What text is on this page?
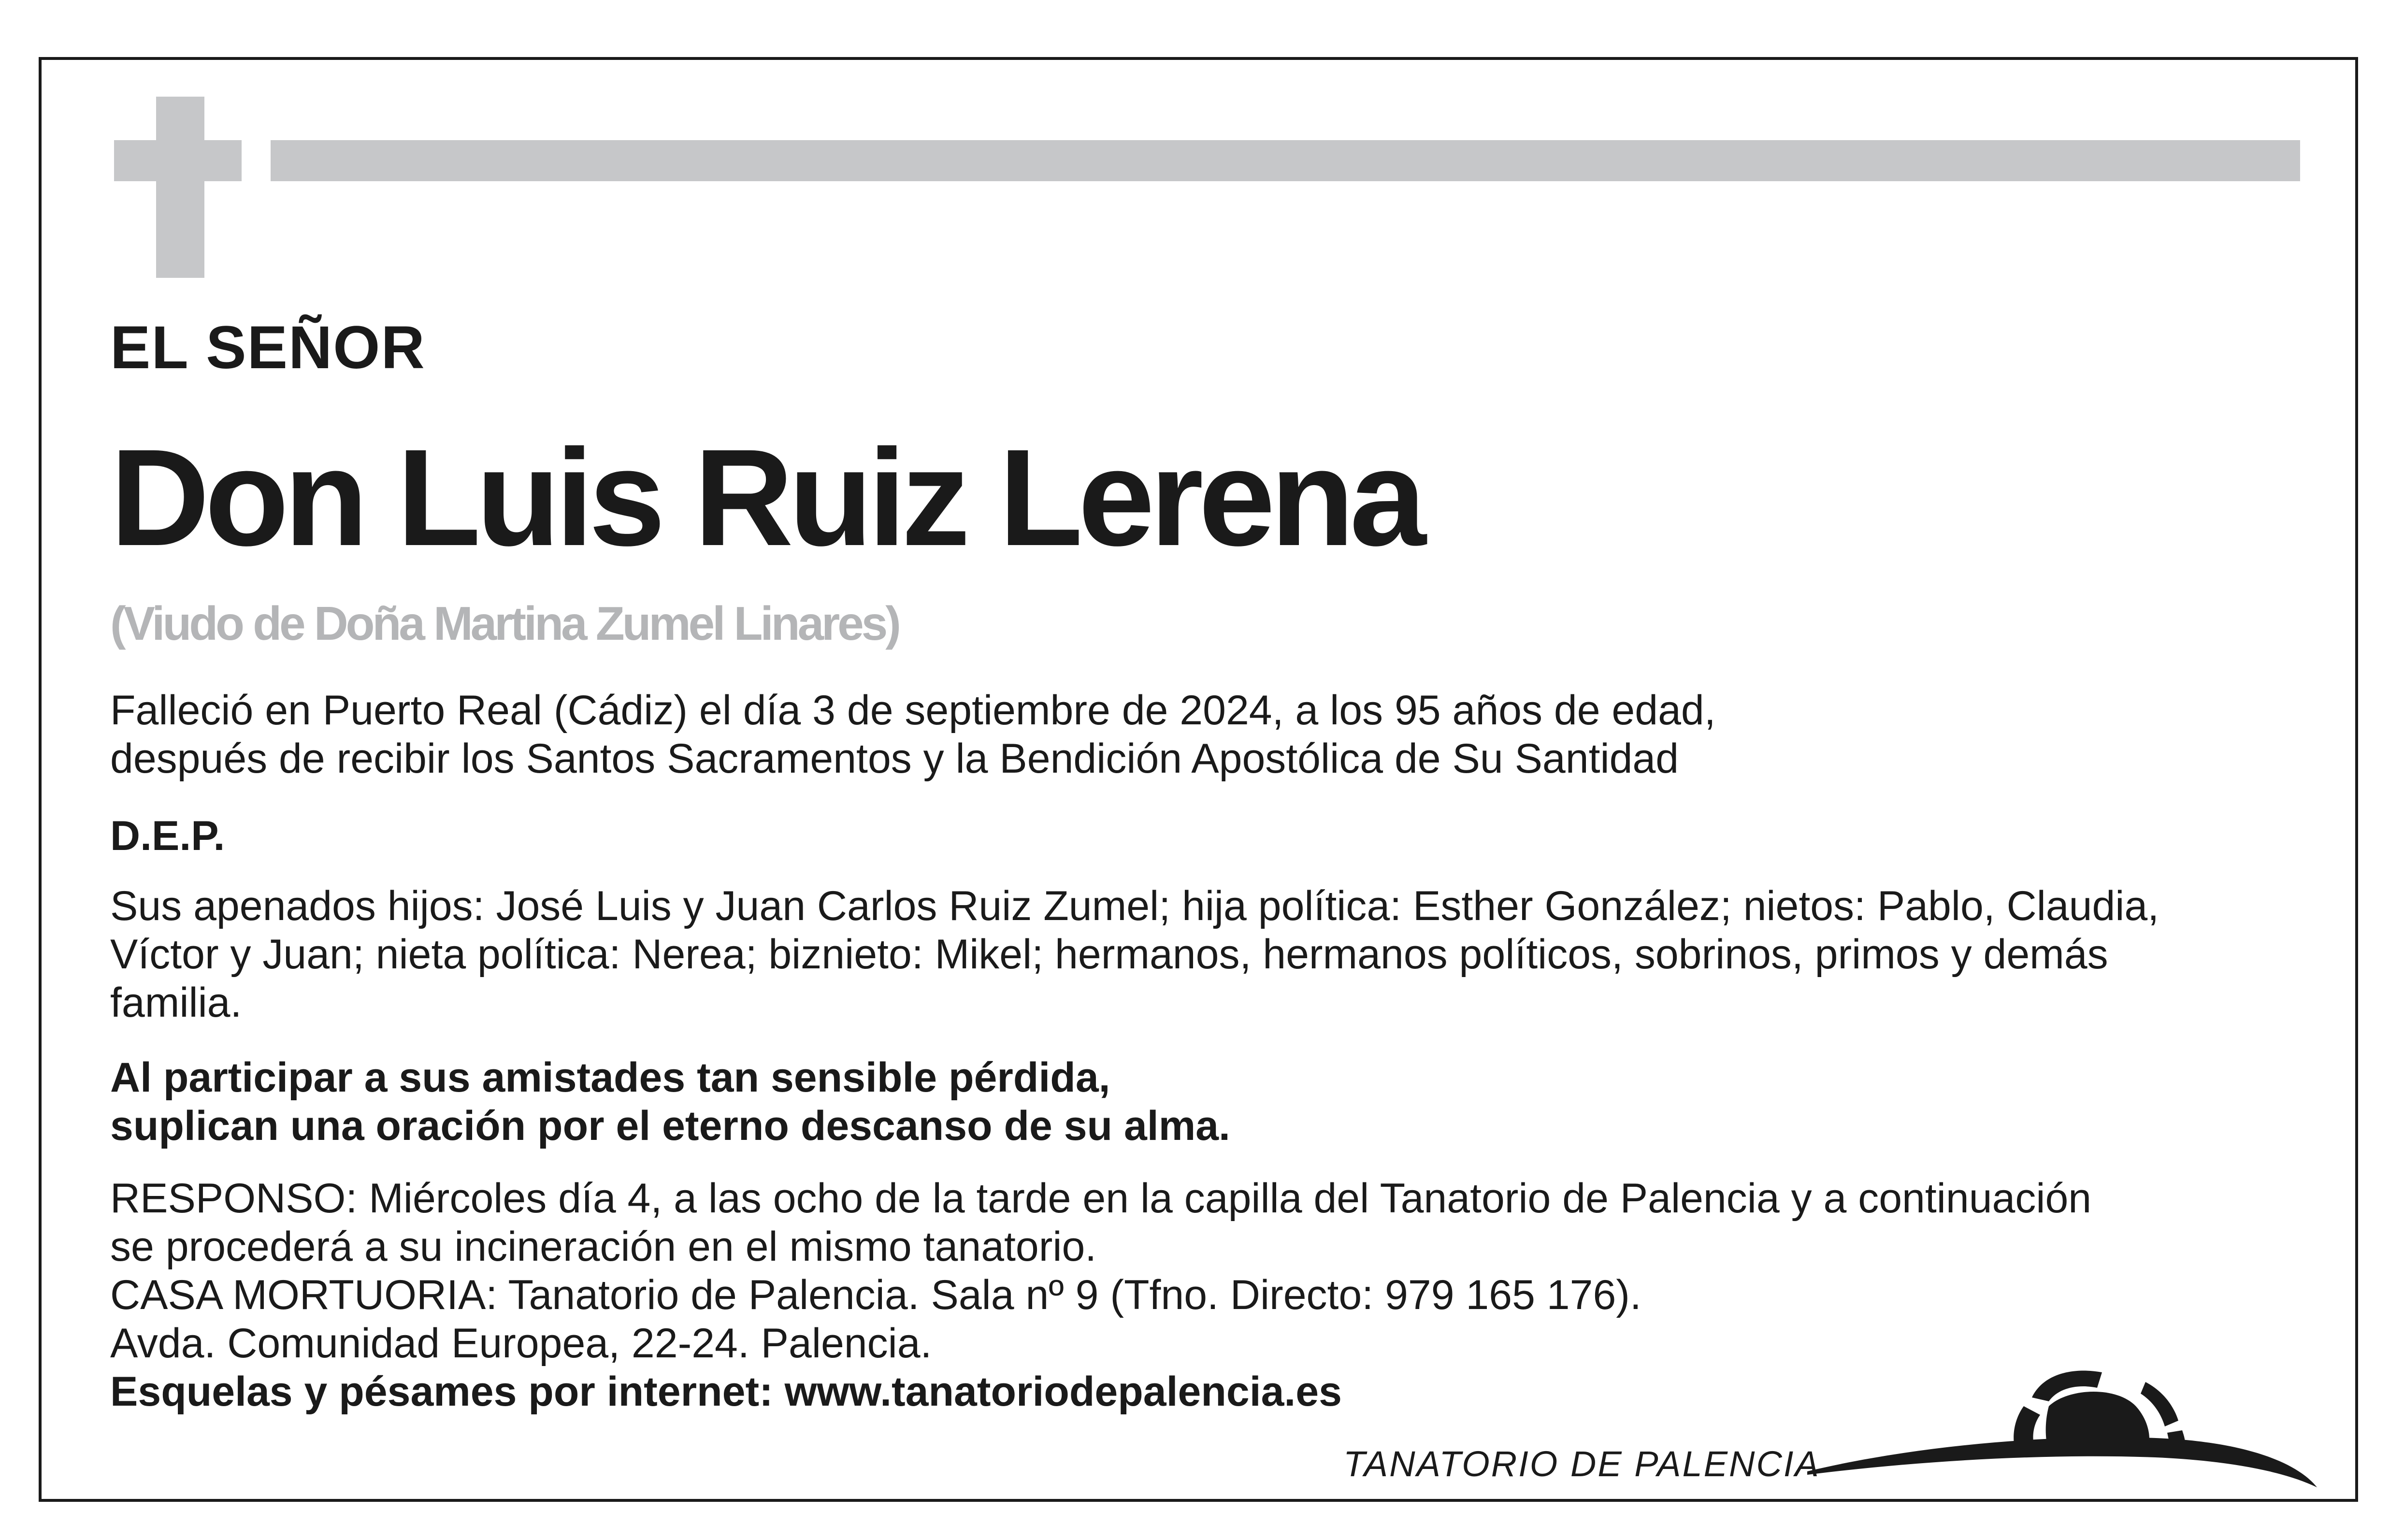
EL SEÑOR

Don Luis Ruiz Lerena

(Viudo de Doña Martina Zumel Linares)

Falleció en Puerto Real (Cádiz) el día 3 de septiembre de 2024, a los 95 años de edad,
después de recibir los Santos Sacramentos y la Bendición Apostólica de Su Santidad

D.E.P.

Sus apenados hijos: José Luis y Juan Carlos Ruiz Zumel; hija política: Esther González; nietos: Pablo, Claudia,
Víctor y Juan; nieta política: Nerea; biznieto: Mikel; hermanos, hermanos políticos, sobrinos, primos y demás
familia.
Al participar a sus amistades tan sensible pérdida,
suplican una oración por el eterno descanso de su alma.
RESPONSO: Miércoles día 4, a las ocho de la tarde en la capilla del Tanatorio de Palencia y a continuación
se procederá a su incineración en el mismo tanatorio.
CASA MORTUORIA: Tanatorio de Palencia. Sala nº 9 (Tfno. Directo: 979 165 176).
Avda. Comunidad Europea, 22-24. Palencia.
Esquelas y pésames por internet: www.tanatoriodepalencia.es
TANATORIO DE PALENCIA
